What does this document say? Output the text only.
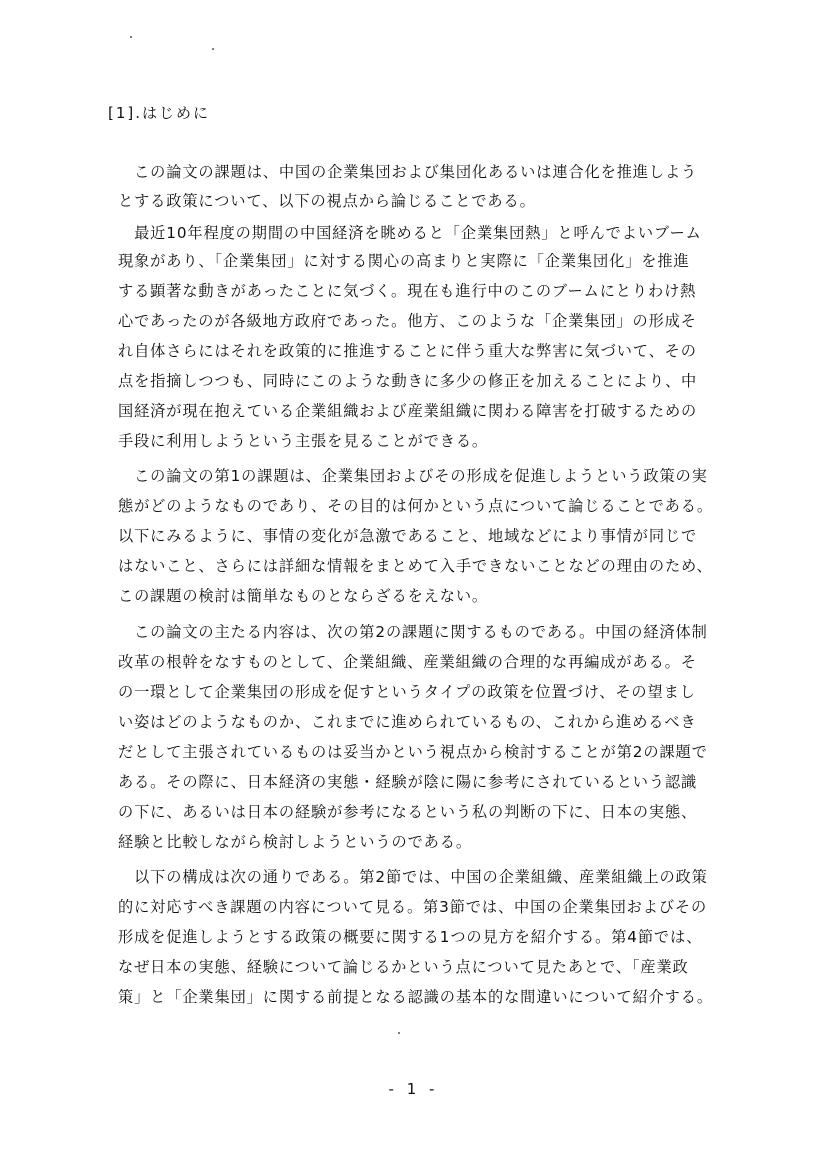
[1].はじめに
　この論文の課題は、中国の企業集団および集団化あるいは連合化を推進しよう
とする政策について、以下の視点から論じることである。
　最近10年程度の期間の中国経済を眺めると「企業集団熱」と呼んでよいブーム
現象があり、「企業集団」に対する関心の高まりと実際に「企業集団化」を推進
する顕著な動きがあったことに気づく。現在も進行中のこのブームにとりわけ熱
心であったのが各級地方政府であった。他方、このような「企業集団」の形成そ
れ自体さらにはそれを政策的に推進することに伴う重大な弊害に気づいて、その
点を指摘しつつも、同時にこのような動きに多少の修正を加えることにより、中
国経済が現在抱えている企業組織および産業組織に関わる障害を打破するための
手段に利用しようという主張を見ることができる。
　この論文の第1の課題は、企業集団およびその形成を促進しようという政策の実
態がどのようなものであり、その目的は何かという点について論じることである。
以下にみるように、事情の変化が急激であること、地域などにより事情が同じで
はないこと、さらには詳細な情報をまとめて入手できないことなどの理由のため、
この課題の検討は簡単なものとならざるをえない。
　この論文の主たる内容は、次の第2の課題に関するものである。中国の経済体制
改革の根幹をなすものとして、企業組織、産業組織の合理的な再編成がある。そ
の一環として企業集団の形成を促すというタイプの政策を位置づけ、その望まし
い姿はどのようなものか、これまでに進められているもの、これから進めるべき
だとして主張されているものは妥当かという視点から検討することが第2の課題で
ある。その際に、日本経済の実態・経験が陰に陽に参考にされているという認識
の下に、あるいは日本の経験が参考になるという私の判断の下に、日本の実態、
経験と比較しながら検討しようというのである。
　以下の構成は次の通りである。第2節では、中国の企業組織、産業組織上の政策
的に対応すべき課題の内容について見る。第3節では、中国の企業集団およびその
形成を促進しようとする政策の概要に関する1つの見方を紹介する。第4節では、
なぜ日本の実態、経験について論じるかという点について見たあとで、「産業政
策」と「企業集団」に関する前提となる認識の基本的な間違いについて紹介する。
- 1 -
